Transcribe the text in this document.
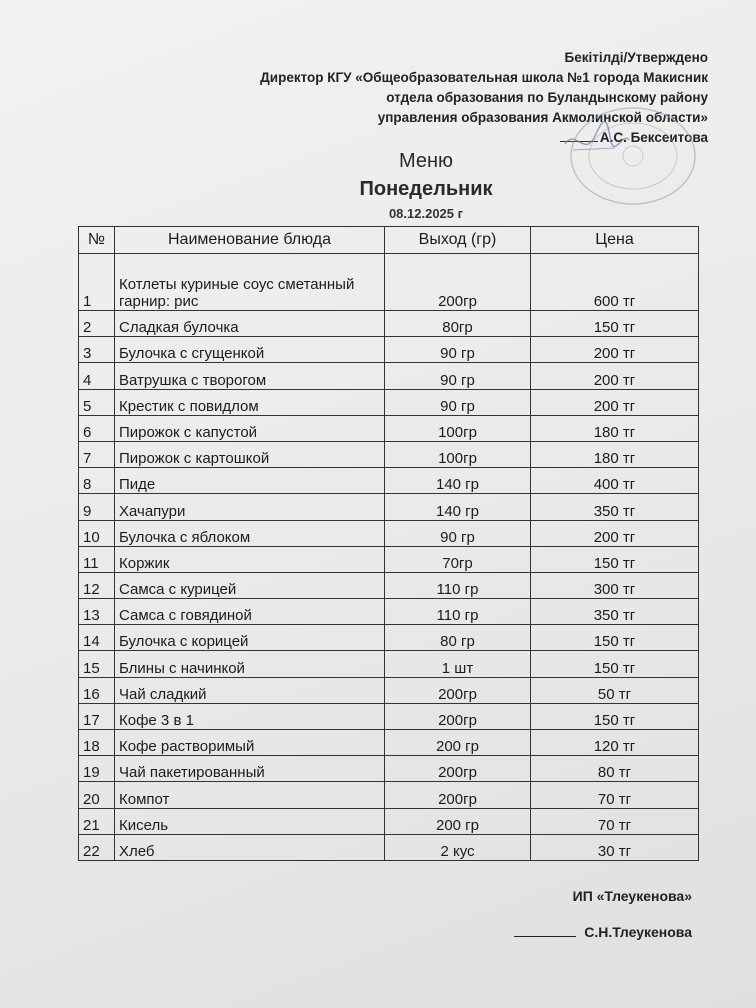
Бекітілді/Утверждено
Директор КГУ «Общеобразовательная школа №1 города Макисник
отдела образования по Буландынскому району
управления образования Акмолинской области»
А.С. Бексеитова
Меню
Понедельник
08.12.2025 г
№	Наименование блюда	Выход (гр)	Цена
1	Котлеты куриные соус сметанный гарнир: рис	200гр	600 тг
2	Сладкая булочка	80гр	150 тг
3	Булочка с сгущенкой	90 гр	200 тг
4	Ватрушка с творогом	90 гр	200 тг
5	Крестик с повидлом	90 гр	200 тг
6	Пирожок с капустой	100гр	180 тг
7	Пирожок с картошкой	100гр	180 тг
8	Пиде	140 гр	400 тг
9	Хачапури	140 гр	350 тг
10	Булочка с яблоком	90 гр	200 тг
11	Коржик	70гр	150 тг
12	Самса с курицей	110 гр	300 тг
13	Самса с говядиной	110 гр	350 тг
14	Булочка с корицей	80 гр	150 тг
15	Блины с начинкой	1 шт	150 тг
16	Чай сладкий	200гр	50 тг
17	Кофе 3 в 1	200гр	150 тг
18	Кофе растворимый	200 гр	120 тг
19	Чай пакетированный	200гр	80 тг
20	Компот	200гр	70 тг
21	Кисель	200 гр	70 тг
22	Хлеб	2 кус	30 тг
ИП «Тлеукенова»
С.Н.Тлеукенова
